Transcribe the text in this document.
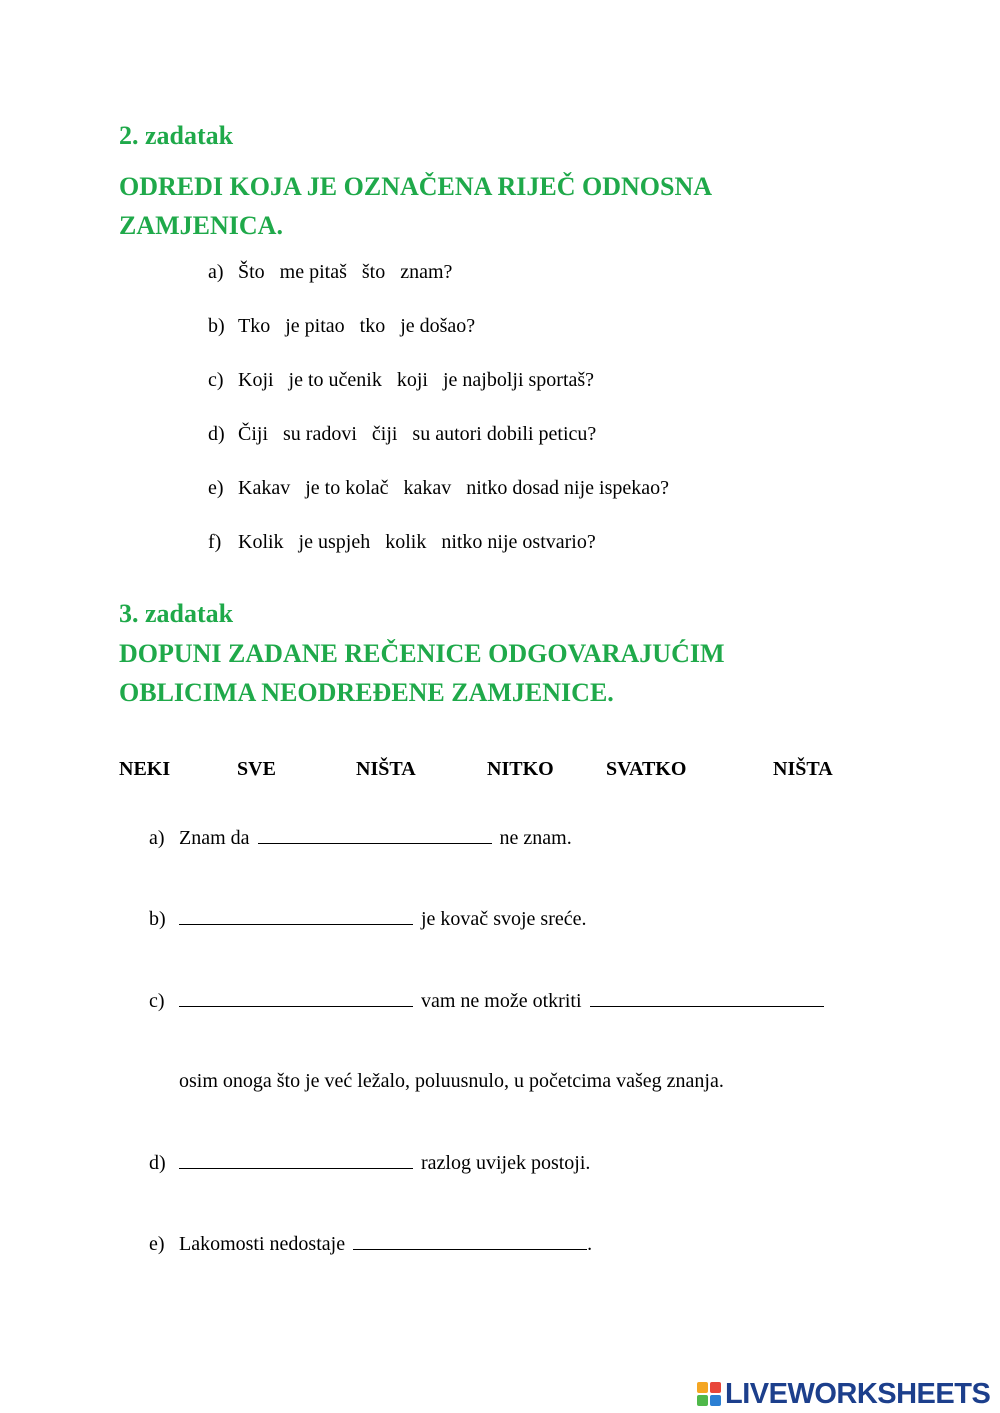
2. zadatak
ODREDI KOJA JE OZNAČENA RIJEČ ODNOSNA
ZAMJENICA.
a) Što   me pitaš   što   znam?
b) Tko   je pitao   tko   je došao?
c) Koji   je to učenik   koji   je najbolji sportaš?
d) Čiji   su radovi   čiji   su autori dobili peticu?
e) Kakav   je to kolač   kakav   nitko dosad nije ispekao?
f) Kolik   je uspjeh   kolik   nitko nije ostvario?
3. zadatak
DOPUNI ZADANE REČENICE ODGOVARAJUĆIM
OBLICIMA NEODREĐENE ZAMJENICE.
NEKI	SVE	NIŠTA	NITKO	SVATKO	NIŠTA
a) Znam da	ne znam.
b)	je kovač svoje sreće.
c)	vam ne može otkriti
osim onoga što je već ležalo, poluusnulo, u početcima vašeg znanja.
d)	razlog uvijek postoji.
e) Lakomosti nedostaje	.
LIVEWORKSHEETS
